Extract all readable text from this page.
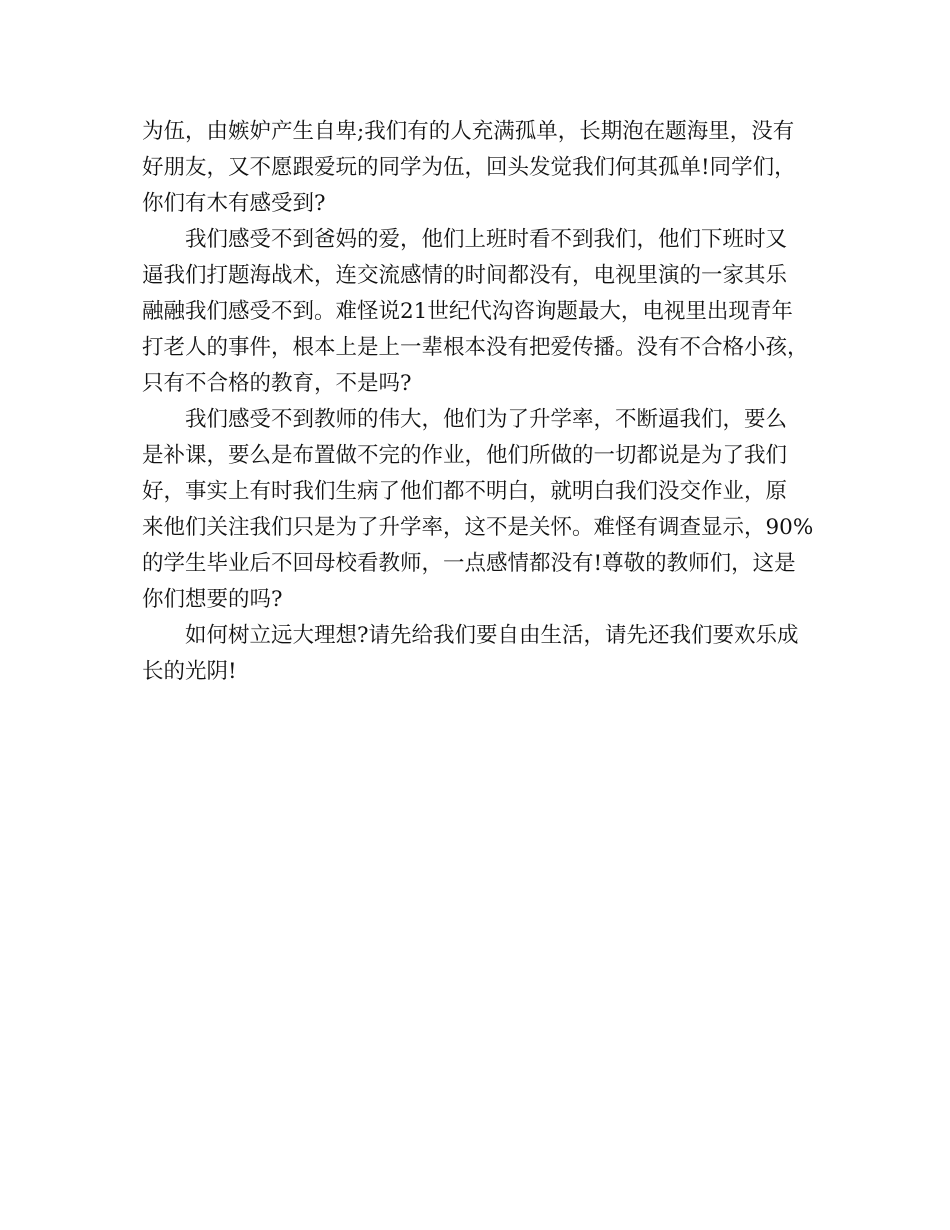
为伍，由嫉妒产生自卑;我们有的人充满孤单，长期泡在题海里，没有
好朋友，又不愿跟爱玩的同学为伍，回头发觉我们何其孤单!同学们，
你们有木有感受到?
我们感受不到爸妈的爱，他们上班时看不到我们，他们下班时又
逼我们打题海战术，连交流感情的时间都没有，电视里演的一家其乐
融融我们感受不到。难怪说21世纪代沟咨询题最大，电视里出现青年
打老人的事件，根本上是上一辈根本没有把爱传播。没有不合格小孩，
只有不合格的教育，不是吗?
我们感受不到教师的伟大，他们为了升学率，不断逼我们，要么
是补课，要么是布置做不完的作业，他们所做的一切都说是为了我们
好，事实上有时我们生病了他们都不明白，就明白我们没交作业，原
来他们关注我们只是为了升学率，这不是关怀。难怪有调查显示，90%
的学生毕业后不回母校看教师，一点感情都没有!尊敬的教师们，这是
你们想要的吗?
如何树立远大理想?请先给我们要自由生活，请先还我们要欢乐成
长的光阴!
